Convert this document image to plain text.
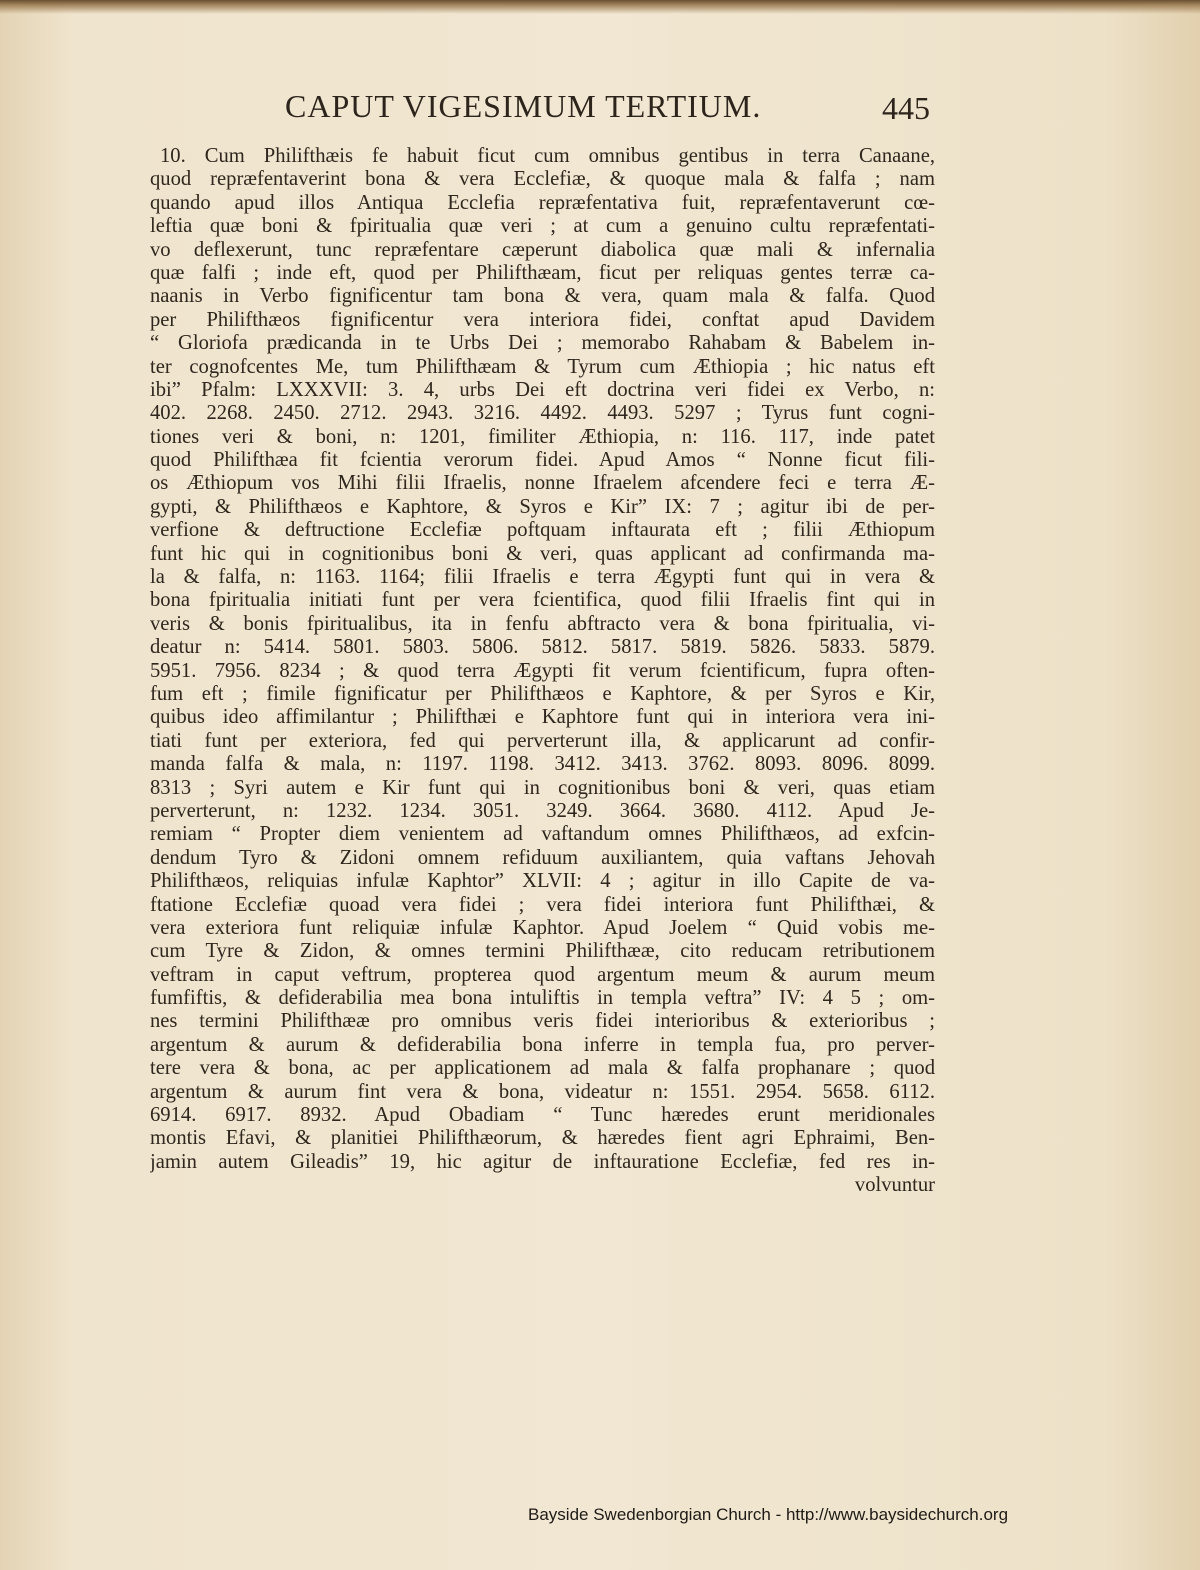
CAPUT VIGESIMUM TERTIUM.	445
10. Cum Philifthæis fe habuit ficut cum omnibus gentibus in terra Canaane,
quod repræfentaverint bona & vera Ecclefiæ, & quoque mala & falfa ; nam
quando apud illos Antiqua Ecclefia repræfentativa fuit, repræfentaverunt cœ-
leftia quæ boni & fpiritualia quæ veri ; at cum a genuino cultu repræfentati-
vo deflexerunt, tunc repræfentare cæperunt diabolica quæ mali & infernalia
quæ falfi ; inde eft, quod per Philifthæam, ficut per reliquas gentes terræ ca-
naanis in Verbo fignificentur tam bona & vera, quam mala & falfa. Quod
per Philifthæos fignificentur vera interiora fidei, conftat apud Davidem
“ Gloriofa prædicanda in te Urbs Dei ; memorabo Rahabam & Babelem in-
ter cognofcentes Me, tum Philifthæam & Tyrum cum Æthiopia ; hic natus eft
ibi” Pfalm: LXXXVII: 3. 4, urbs Dei eft doctrina veri fidei ex Verbo, n:
402. 2268. 2450. 2712. 2943. 3216. 4492. 4493. 5297 ; Tyrus funt cogni-
tiones veri & boni, n: 1201, fimiliter Æthiopia, n: 116. 117, inde patet
quod Philifthæa fit fcientia verorum fidei. Apud Amos “ Nonne ficut fili-
os Æthiopum vos Mihi filii Ifraelis, nonne Ifraelem afcendere feci e terra Æ-
gypti, & Philifthæos e Kaphtore, & Syros e Kir” IX: 7 ; agitur ibi de per-
verfione & deftructione Ecclefiæ poftquam inftaurata eft ; filii Æthiopum
funt hic qui in cognitionibus boni & veri, quas applicant ad confirmanda ma-
la & falfa, n: 1163. 1164; filii Ifraelis e terra Ægypti funt qui in vera &
bona fpiritualia initiati funt per vera fcientifica, quod filii Ifraelis fint qui in
veris & bonis fpiritualibus, ita in fenfu abftracto vera & bona fpiritualia, vi-
deatur n: 5414. 5801. 5803. 5806. 5812. 5817. 5819. 5826. 5833. 5879.
5951. 7956. 8234 ; & quod terra Ægypti fit verum fcientificum, fupra often-
fum eft ; fimile fignificatur per Philifthæos e Kaphtore, & per Syros e Kir,
quibus ideo affimilantur ; Philifthæi e Kaphtore funt qui in interiora vera ini-
tiati funt per exteriora, fed qui perverterunt illa, & applicarunt ad confir-
manda falfa & mala, n: 1197. 1198. 3412. 3413. 3762. 8093. 8096. 8099.
8313 ; Syri autem e Kir funt qui in cognitionibus boni & veri, quas etiam
perverterunt, n: 1232. 1234. 3051. 3249. 3664. 3680. 4112. Apud Je-
remiam “ Propter diem venientem ad vaftandum omnes Philifthæos, ad exfcin-
dendum Tyro & Zidoni omnem refiduum auxiliantem, quia vaftans Jehovah
Philifthæos, reliquias infulæ Kaphtor” XLVII: 4 ; agitur in illo Capite de va-
ftatione Ecclefiæ quoad vera fidei ; vera fidei interiora funt Philifthæi, &
vera exteriora funt reliquiæ infulæ Kaphtor. Apud Joelem “ Quid vobis me-
cum Tyre & Zidon, & omnes termini Philifthææ, cito reducam retributionem
veftram in caput veftrum, propterea quod argentum meum & aurum meum
fumfiftis, & defiderabilia mea bona intuliftis in templa veftra” IV: 4 5 ; om-
nes termini Philifthææ pro omnibus veris fidei interioribus & exterioribus ;
argentum & aurum & defiderabilia bona inferre in templa fua, pro perver-
tere vera & bona, ac per applicationem ad mala & falfa prophanare ; quod
argentum & aurum fint vera & bona, videatur n: 1551. 2954. 5658. 6112.
6914. 6917. 8932. Apud Obadiam “ Tunc hæredes erunt meridionales
montis Efavi, & planitiei Philifthæorum, & hæredes fient agri Ephraimi, Ben-
jamin autem Gileadis” 19, hic agitur de inftauratione Ecclefiæ, fed res in-
volvuntur
Bayside Swedenborgian Church - http://www.baysidechurch.org
